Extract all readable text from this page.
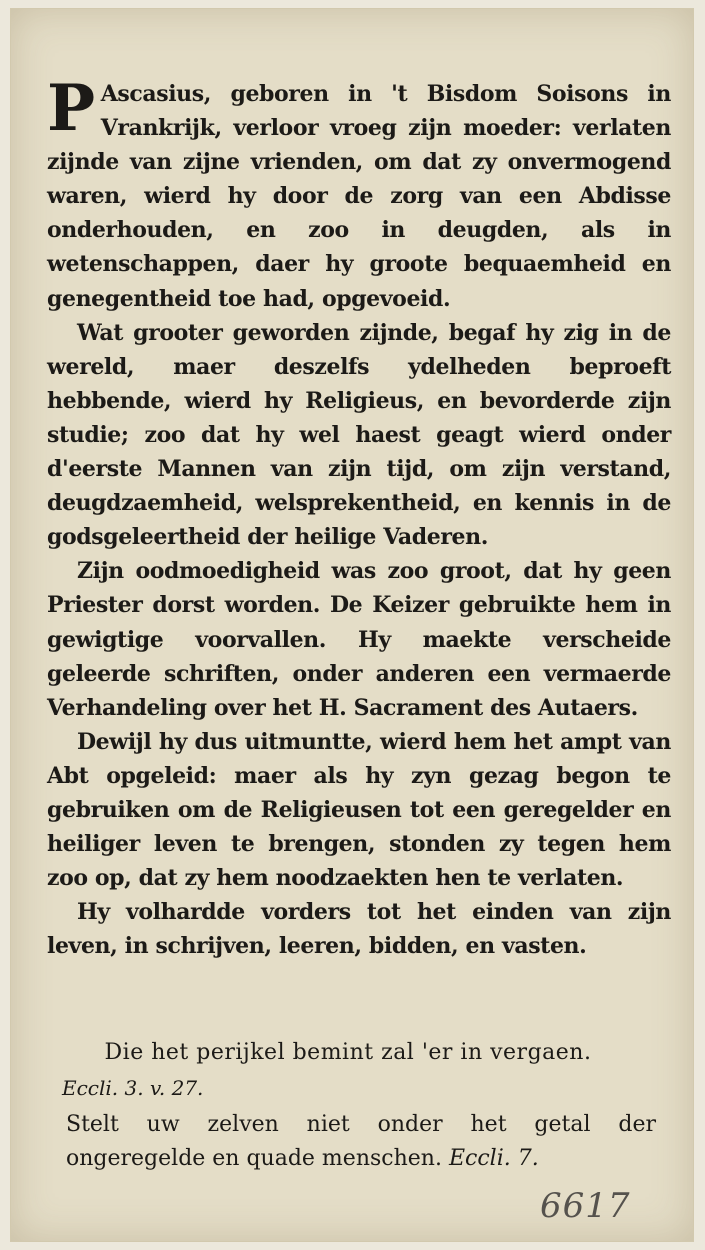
P Ascasius, geboren in 't Bisdom Soisons in Vrankrijk, verloor vroeg zijn moeder: verlaten zijnde van zijne vrienden, om dat zy onvermogend waren, wierd hy door de zorg van een Abdisse onderhouden, en zoo in deugden, als in wetenschappen, daer hy groote bequaemheid en genegentheid toe had, opgevoeid.

Wat grooter geworden zijnde, begaf hy zig in de wereld, maer deszelfs ydelheden beproeft hebbende, wierd hy Religieus, en bevorderde zijn studie; zoo dat hy wel haest geagt wierd onder d'eerste Mannen van zijn tijd, om zijn verstand, deugdzaemheid, welsprekentheid, en kennis in de godsgeleertheid der heilige Vaderen.

Zijn oodmoedigheid was zoo groot, dat hy geen Priester dorst worden. De Keizer gebruikte hem in gewigtige voorvallen. Hy maekte verscheide geleerde schriften, onder anderen een vermaerde Verhandeling over het H. Sacrament des Autaers.

Dewijl hy dus uitmuntte, wierd hem het ampt van Abt opgeleid: maer als hy zyn gezag begon te gebruiken om de Religieusen tot een geregelder en heiliger leven te brengen, stonden zy tegen hem zoo op, dat zy hem noodzaekten hen te verlaten.

Hy volhardde vorders tot het einden van zijn leven, in schrijven, leeren, bidden, en vasten.

Die het perijkel bemint zal 'er in vergaen.

Eccli. 3. v. 27.

Stelt uw zelven niet onder het getal der ongeregelde en quade menschen. Eccli. 7.

6617
